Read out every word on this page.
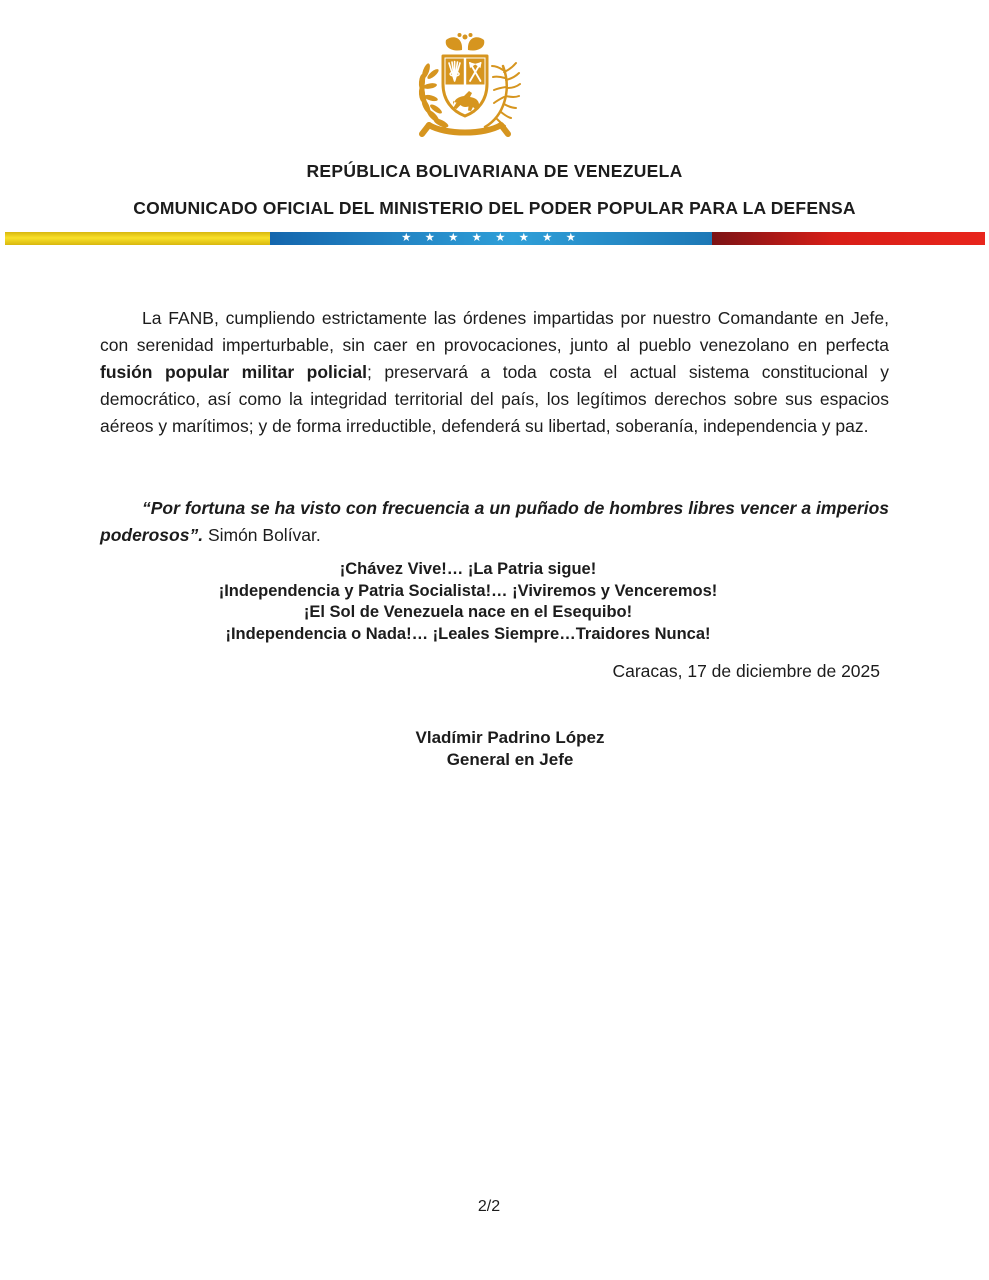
REPÚBLICA BOLIVARIANA DE VENEZUELA
COMUNICADO OFICIAL DEL MINISTERIO DEL PODER POPULAR PARA LA DEFENSA
★ ★ ★ ★ ★ ★ ★ ★

La FANB, cumpliendo estrictamente las órdenes impartidas por nuestro Comandante en Jefe, con serenidad imperturbable, sin caer en provocaciones, junto al pueblo venezolano en perfecta fusión popular militar policial; preservará a toda costa el actual sistema constitucional y democrático, así como la integridad territorial del país, los legítimos derechos sobre sus espacios aéreos y marítimos; y de forma irreductible, defenderá su libertad, soberanía, independencia y paz.

“Por fortuna se ha visto con frecuencia a un puñado de hombres libres vencer a imperios poderosos”. Simón Bolívar.

¡Chávez Vive!… ¡La Patria sigue!
¡Independencia y Patria Socialista!… ¡Viviremos y Venceremos!
¡El Sol de Venezuela nace en el Esequibo!
¡Independencia o Nada!… ¡Leales Siempre…Traidores Nunca!
Caracas, 17 de diciembre de 2025
Vladímir Padrino López
General en Jefe
2/2
